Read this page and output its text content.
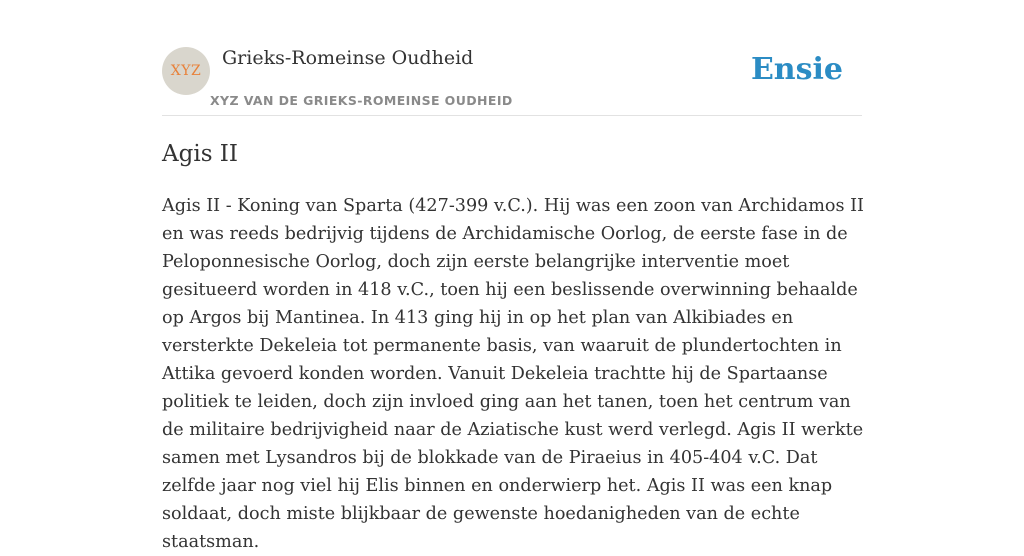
XYZ
Grieks-Romeinse Oudheid
XYZ VAN DE GRIEKS-ROMEINSE OUDHEID
Ensie
Agis II

Agis II - Koning van Sparta (427-399 v.C.). Hij was een zoon van Archidamos II en was reeds bedrijvig tijdens de Archidamische Oorlog, de eerste fase in de Peloponnesische Oorlog, doch zijn eerste belangrijke interventie moet gesitueerd worden in 418 v.C., toen hij een beslissende overwinning behaalde op Argos bij Mantinea. In 413 ging hij in op het plan van Alkibiades en versterkte Dekeleia tot permanente basis, van waaruit de plundertochten in Attika gevoerd konden worden. Vanuit Dekeleia trachtte hij de Spartaanse politiek te leiden, doch zijn invloed ging aan het tanen, toen het centrum van de militaire bedrijvigheid naar de Aziatische kust werd verlegd. Agis II werkte samen met Lysandros bij de blokkade van de Piraeius in 405-404 v.C. Dat zelfde jaar nog viel hij Elis binnen en onderwierp het. Agis II was een knap soldaat, doch miste blijkbaar de gewenste hoedanigheden van de echte staatsman.
